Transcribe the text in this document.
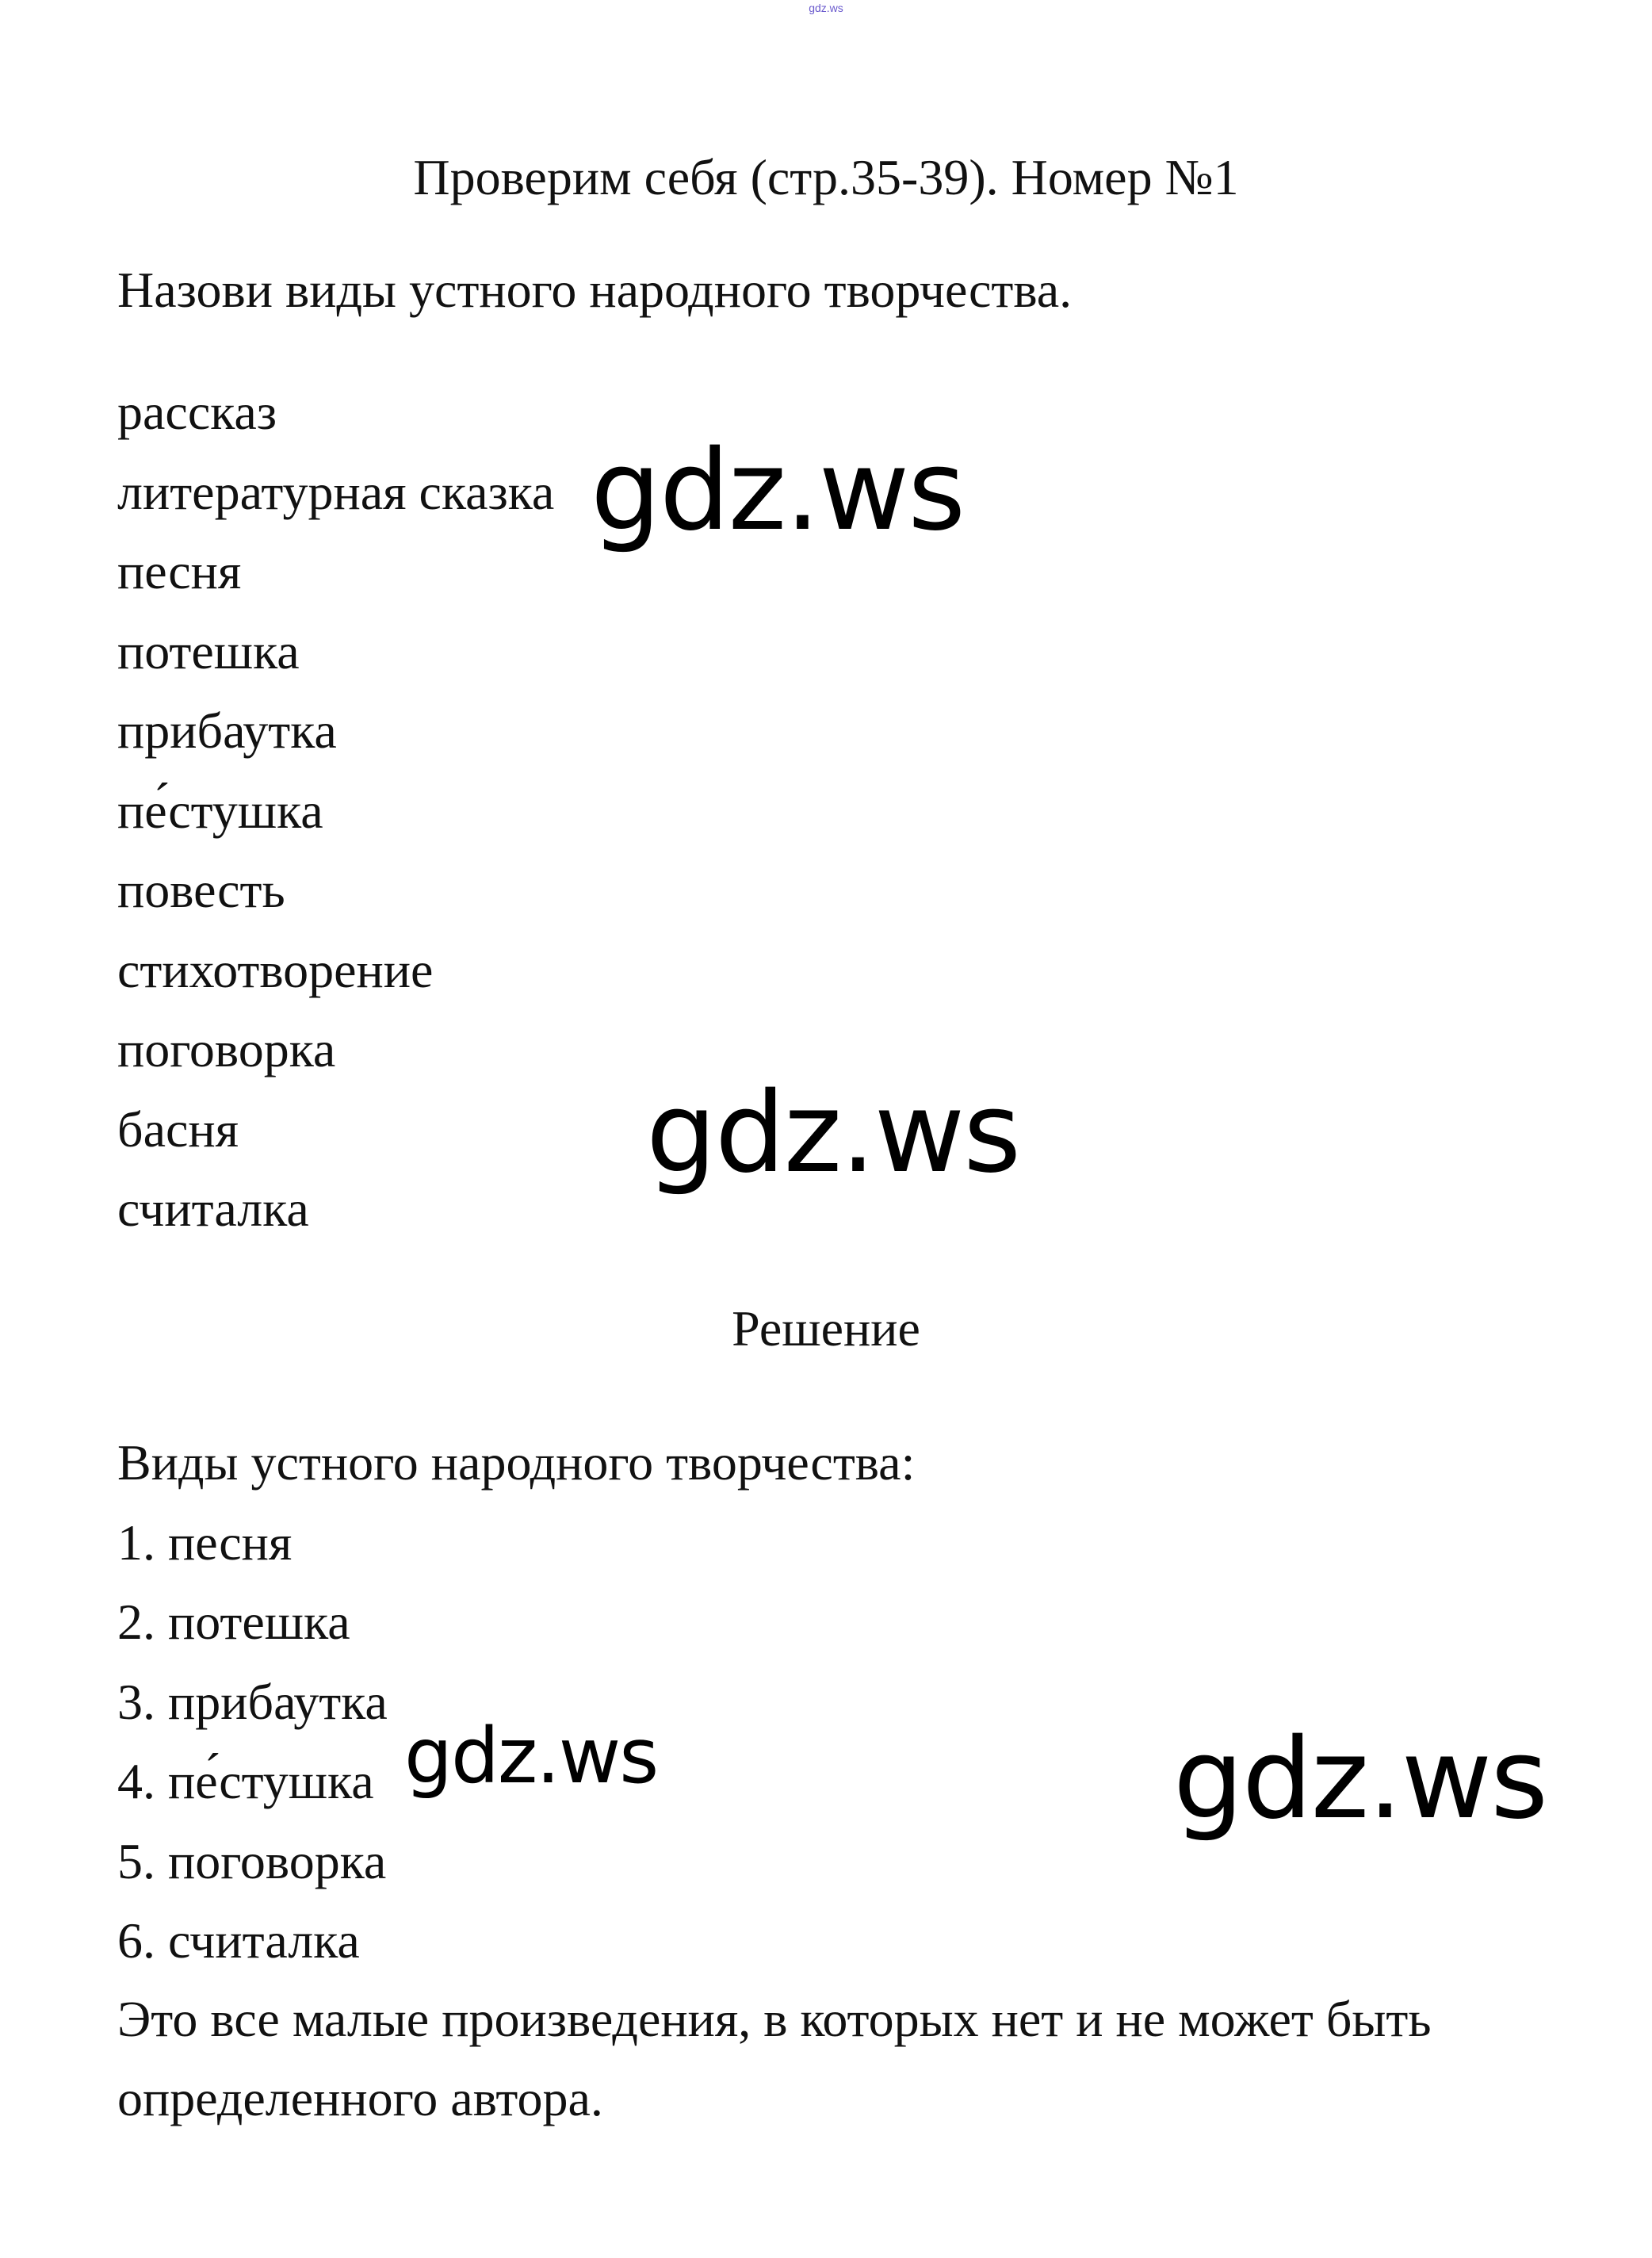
gdz.ws
Проверим себя (стр.35-39). Номер №1
Назови виды устного народного творчества.
рассказ
литературная сказка
песня
потешка
прибаутка
пе́стушка
повесть
стихотворение
поговорка
басня
считалка
Решение
Виды устного народного творчества:
1. песня
2. потешка
3. прибаутка
4. пе́стушка
5. поговорка
6. считалка
Это все малые произведения, в которых нет и не может быть определенного автора.
gdz.ws
gdz.ws
gdz.ws	gdz.ws
